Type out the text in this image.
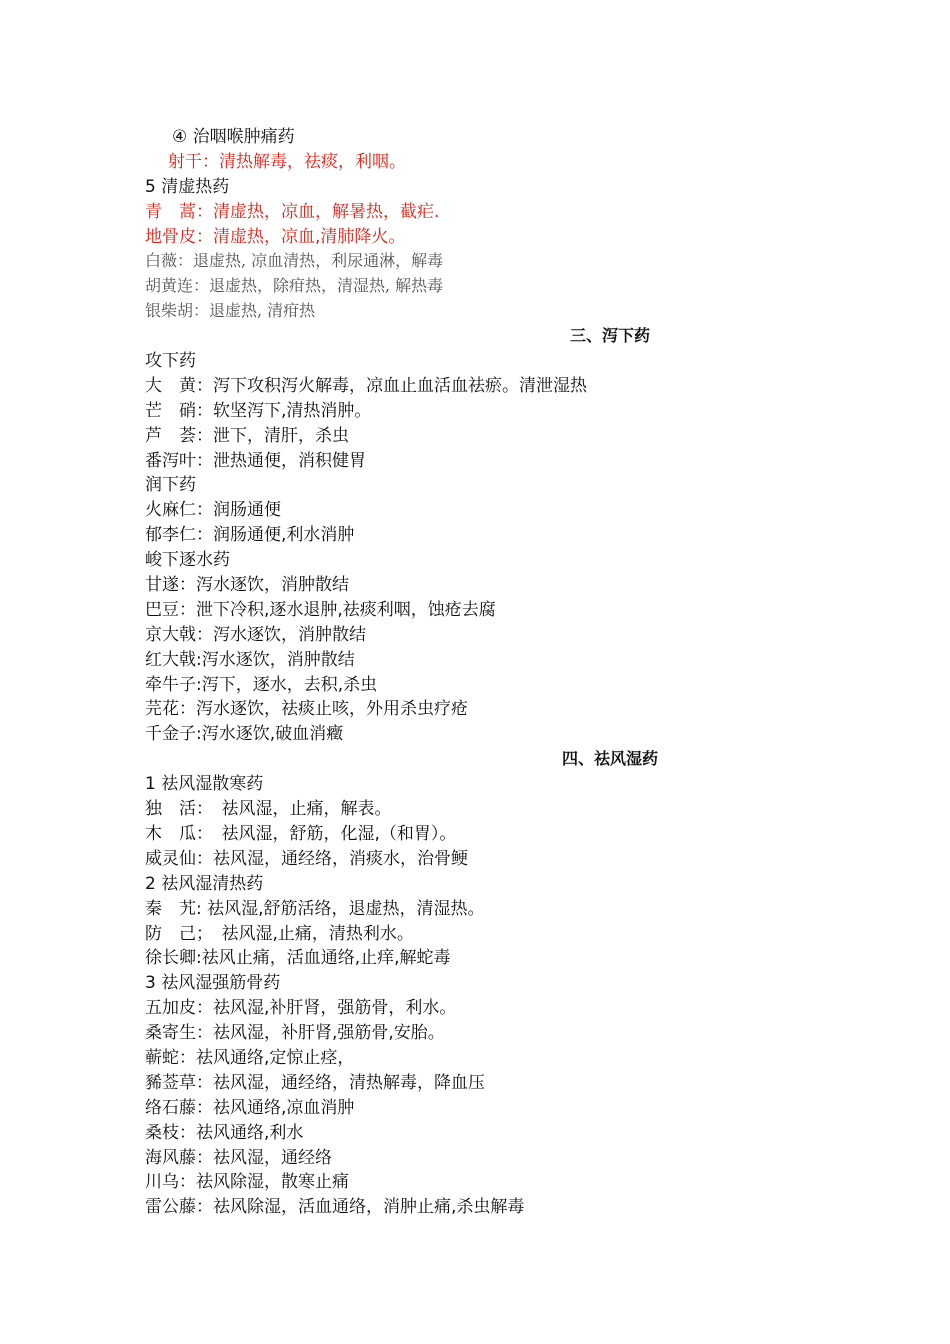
④ 治咽喉肿痛药
射干：清热解毒，祛痰，利咽。
5 清虚热药
青　蒿：清虚热，凉血，解暑热，截疟.
地骨皮：清虚热，凉血,清肺降火。
白薇：退虚热, 凉血清热，利尿通淋，解毒
胡黄连：退虚热，除疳热，清湿热, 解热毒
银柴胡：退虚热, 清疳热
三、泻下药
攻下药
大　黄：泻下攻积泻火解毒，凉血止血活血祛瘀。清泄湿热
芒　硝：软坚泻下,清热消肿。
芦　荟：泄下，清肝，杀虫
番泻叶：泄热通便，消积健胃
润下药
火麻仁：润肠通便
郁李仁：润肠通便,利水消肿
峻下逐水药
甘遂：泻水逐饮，消肿散结
巴豆：泄下冷积,逐水退肿,祛痰利咽，蚀疮去腐
京大戟：泻水逐饮，消肿散结
红大戟:泻水逐饮，消肿散结
牵牛子:泻下，逐水，去积,杀虫
芫花：泻水逐饮，祛痰止咳，外用杀虫疗疮
千金子:泻水逐饮,破血消癥
四、祛风湿药
1 祛风湿散寒药
独　活：　祛风湿，止痛，解表。
木　瓜：　祛风湿，舒筋，化湿,（和胃）。
威灵仙：祛风湿，通经络，消痰水，治骨鲠
2 祛风湿清热药
秦　艽: 祛风湿,舒筋活络，退虚热，清湿热。
防　己；　祛风湿,止痛，清热利水。
徐长卿:祛风止痛，活血通络,止痒,解蛇毒
3 祛风湿强筋骨药
五加皮：祛风湿,补肝肾，强筋骨，利水。
桑寄生：祛风湿，补肝肾,强筋骨,安胎。
蕲蛇：祛风通络,定惊止痉，
豨莶草：祛风湿，通经络，清热解毒，降血压
络石藤：祛风通络,凉血消肿
桑枝：祛风通络,利水
海风藤：祛风湿，通经络
川乌：祛风除湿，散寒止痛
雷公藤：祛风除湿，活血通络，消肿止痛,杀虫解毒
